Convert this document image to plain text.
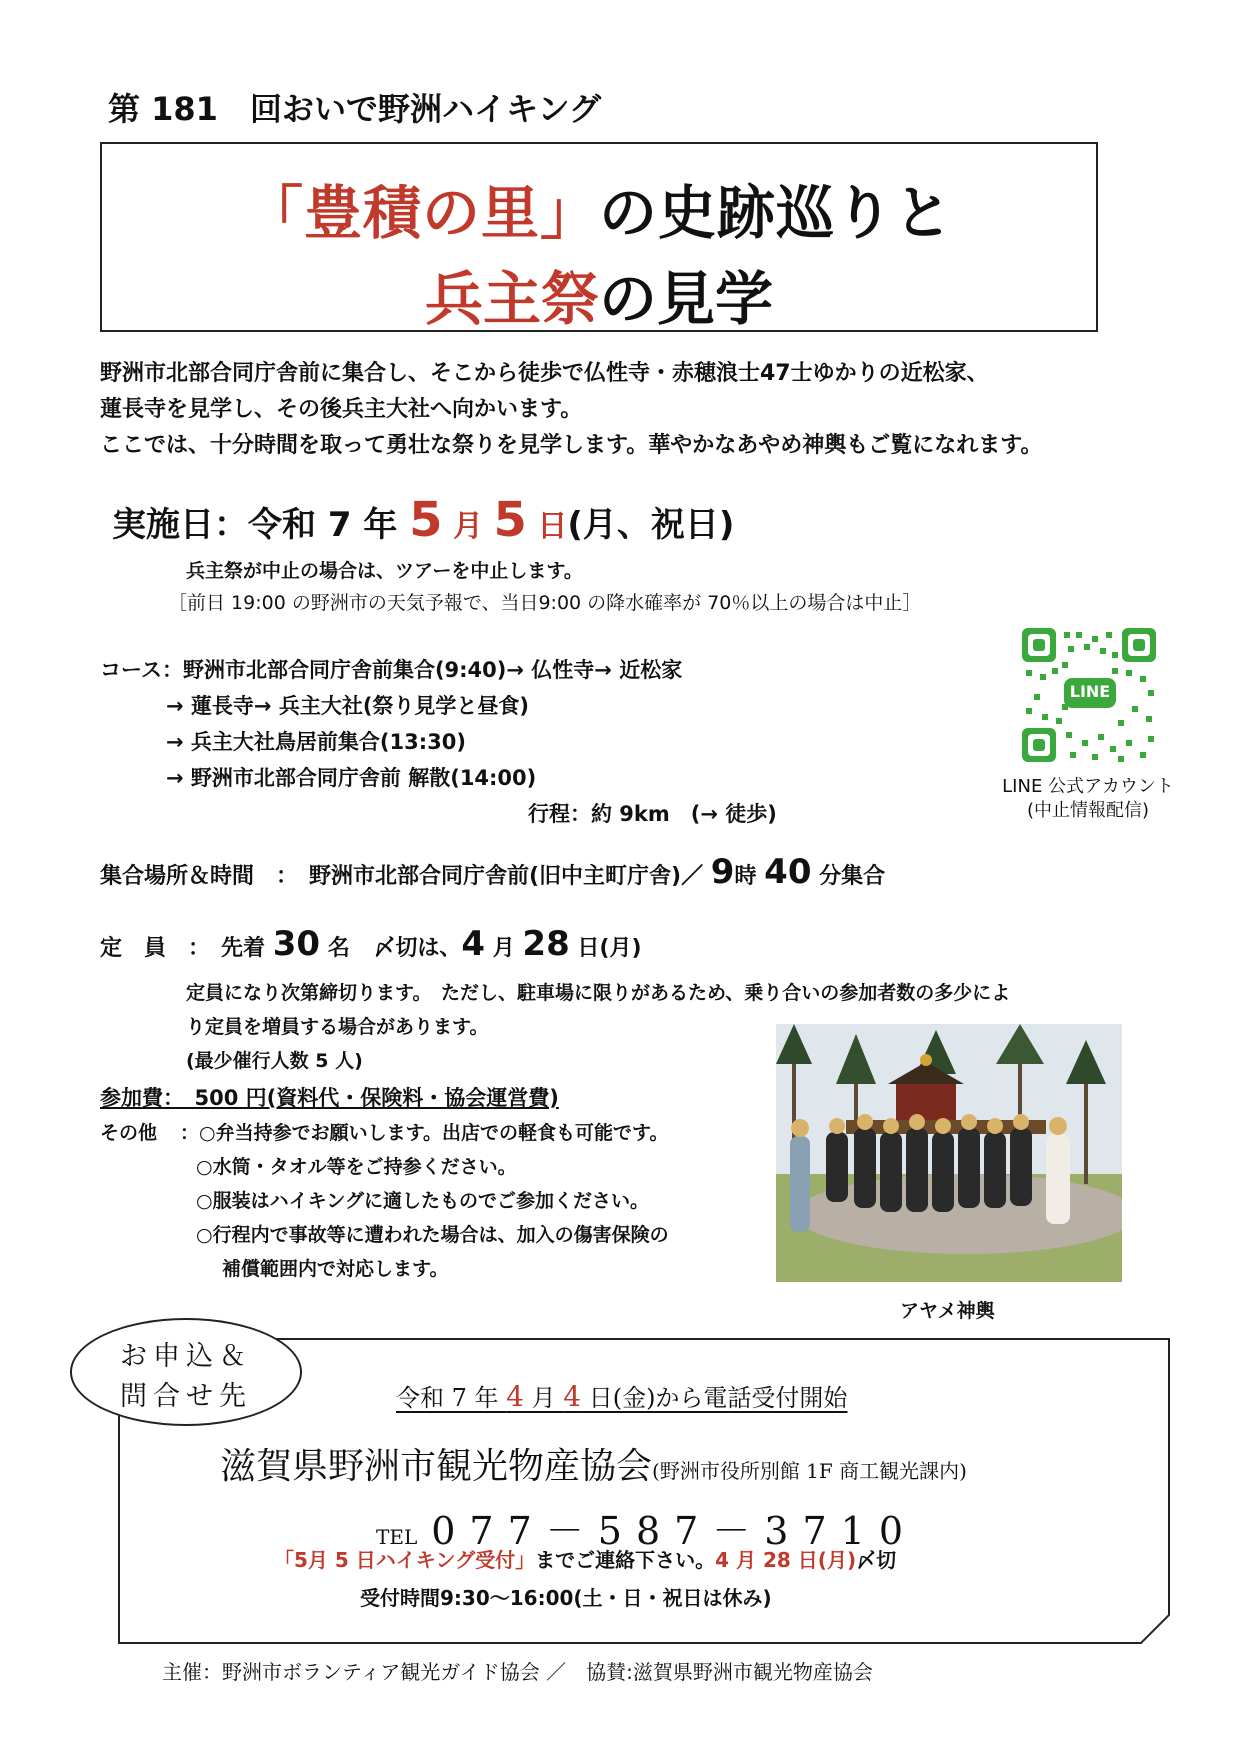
第 181　回おいで野洲ハイキング
「豊積の里」の史跡巡りと
兵主祭の見学
野洲市北部合同庁舎前に集合し、そこから徒歩で仏性寺・赤穂浪士47士ゆかりの近松家、
蓮長寺を見学し、その後兵主大社へ向かいます。
ここでは、十分時間を取って勇壮な祭りを見学します。華やかなあやめ神輿もご覧になれます。
実施日：令和 7 年 5 月 5 日(月、祝日)
兵主祭が中止の場合は、ツアーを中止します。
［前日 19:00 の野洲市の天気予報で、当日9:00 の降水確率が 70％以上の場合は中止］
コース：野洲市北部合同庁舎前集合(9:40)→ 仏性寺→ 近松家
→ 蓮長寺→ 兵主大社(祭り見学と昼食)
→ 兵主大社鳥居前集合(13:30)
→ 野洲市北部合同庁舎前 解散(14:00)
行程：約 9km　(→ 徒歩)
LINE
LINE 公式アカウント
(中止情報配信)
集合場所＆時間　：　野洲市北部合同庁舎前(旧中主町庁舎)／ 9時 40 分集合
定　員　：　先着 30 名 〆切は、4 月 28 日(月)
定員になり次第締切ります。　ただし、駐車場に限りがあるため、乗り合いの参加者数の多少によ
り定員を増員する場合があります。
(最少催行人数 5 人)
参加費：　500 円(資料代・保険料・協会運営費)
その他 ：○弁当持参でお願いします。出店での軽食も可能です。
○水筒・タオル等をご持参ください。
○服装はハイキングに適したものでご参加ください。
○行程内で事故等に遭われた場合は、加入の傷害保険の
補償範囲内で対応します。
アヤメ神輿
お申込＆
問合せ先	令和 7 年 4 月 4 日(金)から電話受付開始
滋賀県野洲市観光物産協会(野洲市役所別館 1F 商工観光課内)
TEL 077－587－3710
「5月 5 日ハイキング受付」までご連絡下さい。4 月 28 日(月)〆切
受付時間9:30～16:00(土・日・祝日は休み)
主催：野洲市ボランティア観光ガイド協会 ／　協賛:滋賀県野洲市観光物産協会
